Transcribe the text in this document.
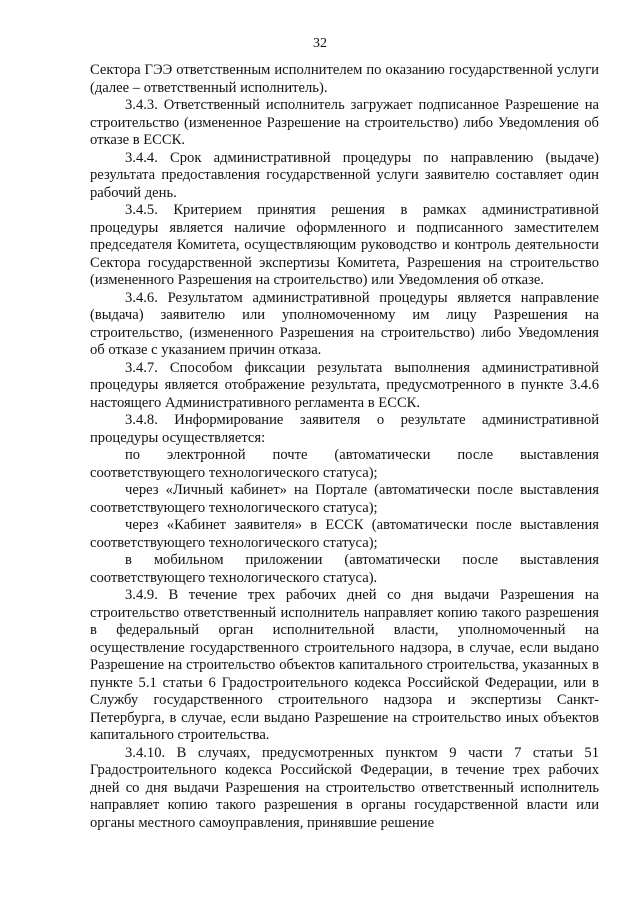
32

Сектора ГЭЭ ответственным исполнителем по оказанию государственной услуги (далее – ответственный исполнитель).

3.4.3. Ответственный исполнитель загружает подписанное Разрешение на строительство (измененное Разрешение на строительство) либо Уведомления об отказе в ЕССК.

3.4.4. Срок административной процедуры по направлению (выдаче) результата предоставления государственной услуги заявителю составляет один рабочий день.

3.4.5. Критерием принятия решения в рамках административной процедуры является наличие оформленного и подписанного заместителем председателя Комитета, осуществляющим руководство и контроль деятельности Сектора государственной экспертизы Комитета, Разрешения на строительство (измененного Разрешения на строительство) или Уведомления об отказе.

3.4.6. Результатом административной процедуры является направление (выдача) заявителю или уполномоченному им лицу Разрешения на строительство, (измененного Разрешения на строительство) либо Уведомления об отказе с указанием причин отказа.

3.4.7. Способом фиксации результата выполнения административной процедуры является отображение результата, предусмотренного в пункте 3.4.6 настоящего Административного регламента в ЕССК.

3.4.8. Информирование заявителя о результате административной процедуры осуществляется:

по электронной почте (автоматически после выставления соответствующего технологического статуса);

через «Личный кабинет» на Портале (автоматически после выставления соответствующего технологического статуса);

через «Кабинет заявителя» в ЕССК (автоматически после выставления соответствующего технологического статуса);

в мобильном приложении (автоматически после выставления соответствующего технологического статуса).

3.4.9. В течение трех рабочих дней со дня выдачи Разрешения на строительство ответственный исполнитель направляет копию такого разрешения в федеральный орган исполнительной власти, уполномоченный на осуществление государственного строительного надзора, в случае, если выдано Разрешение на строительство объектов капитального строительства, указанных в пункте 5.1 статьи 6 Градостроительного кодекса Российской Федерации, или в Службу государственного строительного надзора и экспертизы Санкт-Петербурга, в случае, если выдано Разрешение на строительство иных объектов капитального строительства.

3.4.10. В случаях, предусмотренных пунктом 9 части 7 статьи 51 Градостроительного кодекса Российской Федерации, в течение трех рабочих дней со дня выдачи Разрешения на строительство ответственный исполнитель направляет копию такого разрешения в органы государственной власти или органы местного самоуправления, принявшие решение
